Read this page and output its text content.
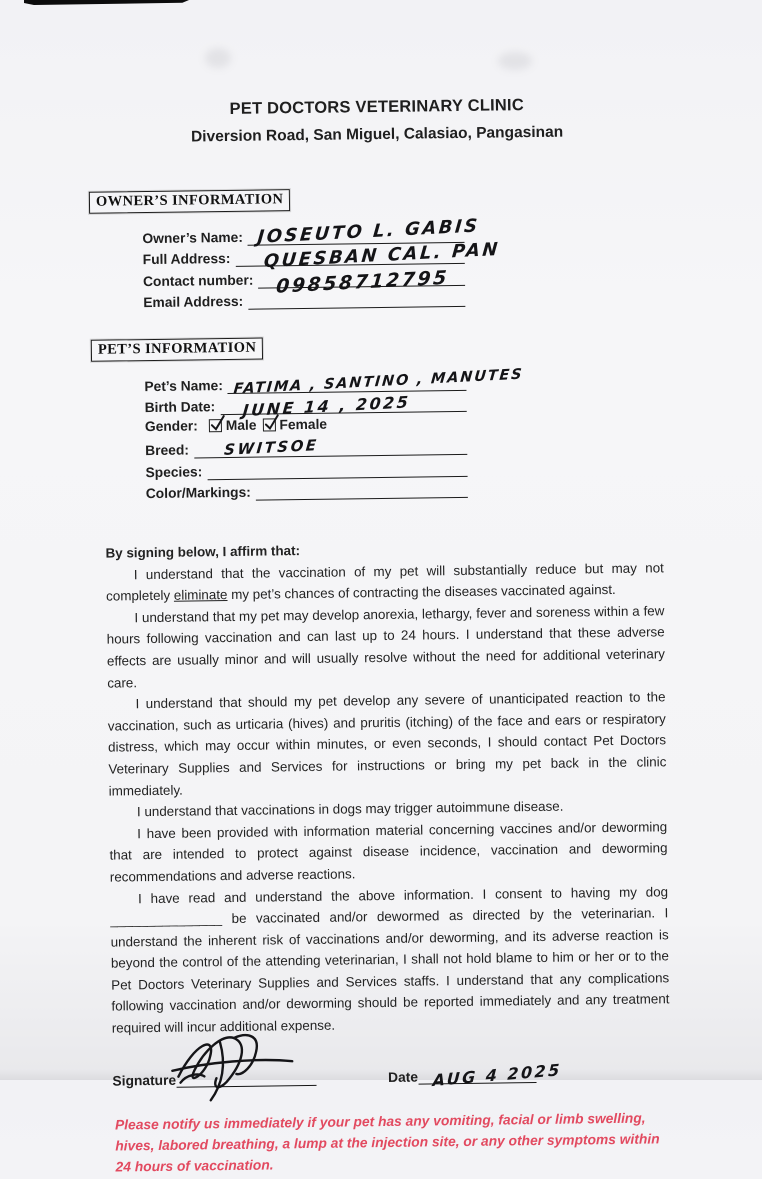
PET DOCTORS VETERINARY CLINIC
Diversion Road, San Miguel, Calasiao, Pangasinan
OWNER’S INFORMATION
Owner’s Name: JOSEUTO L. GABIS
Full Address: QUESBAN CAL. PAN
Contact number: 09858712795
Email Address:
PET’S INFORMATION
Pet’s Name: FATIMA , SANTINO , MANUTES
Birth Date:	JUNE 14 , 2025
Gender:	Male Female
Breed:	SWITSOE
Species:
Color/Markings:

By signing below, I affirm that:

I understand that the vaccination of my pet will substantially reduce but may not completely eliminate my pet’s chances of contracting the diseases vaccinated against.

I understand that my pet may develop anorexia, lethargy, fever and soreness within a few hours following vaccination and can last up to 24 hours. I understand that these adverse effects are usually minor and will usually resolve without the need for additional veterinary care.

I understand that should my pet develop any severe of unanticipated reaction to the vaccination, such as urticaria (hives) and pruritis (itching) of the face and ears or respiratory distress, which may occur within minutes, or even seconds, I should contact Pet Doctors Veterinary Supplies and Services for instructions or bring my pet back in the clinic immediately.

I understand that vaccinations in dogs may trigger autoimmune disease.

I have been provided with information material concerning vaccines and/or deworming that are intended to protect against disease incidence, vaccination and deworming recommendations and adverse reactions.

I have read and understand the above information. I consent to having my dog _______________ be vaccinated and/or dewormed as directed by the veterinarian. I understand the inherent risk of vaccinations and/or deworming, and its adverse reaction is beyond the control of the attending veterinarian, I shall not hold blame to him or her or to the Pet Doctors Veterinary Supplies and Services staffs. I understand that any complications following vaccination and/or deworming should be reported immediately and any treatment required will incur additional expense.

Signature	Date AUG 4 2025
Please notify us immediately if your pet has any vomiting, facial or limb swelling, hives, labored breathing, a lump at the injection site, or any other symptoms within 24 hours of vaccination.
